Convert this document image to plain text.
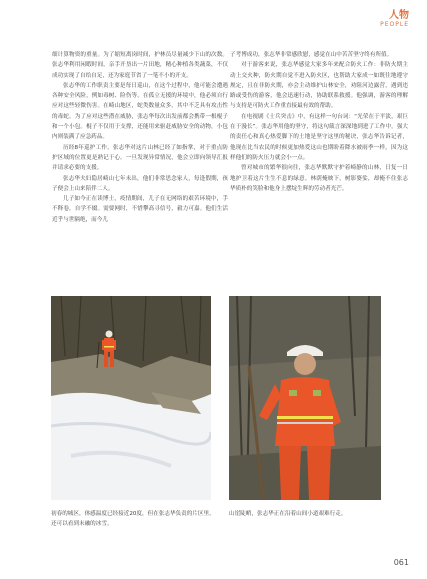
人物
PEOPLE

细计算物资的重量。为了缩短离岗时间，护林员尽量减少下山的次数。张志华利用闲暇时间，亲手开垦出一片田地，精心种植各类蔬菜，不仅成功实现了自给自足，还为家庭节省了一笔不小的开支。

张志华的工作职责主要是每日巡山，在这个过程中，他可能会遭遇各种安全风险，例如毒树、险伤等。在孤立无援的环境中，他必须自行应对这些轻微伤害。在崎山地区，蛇类数量众多，其中不乏具有攻击性的毒蛇。为了应对这些潜在威胁，张志华每次出发前都会携带一根棍子和一个小包。棍子不仅用于支撑，还能用来驱赶威胁安全的动物，小包内则装满了应急药品。

历经8年巡护工作，张志华对这片山林已经了如指掌，对于重点防护区域的位置更是熟记于心。一旦发现异常情况，他会立即向领导汇报并请求必要的支援。

张志华夫妇隐居崎山七年未出，他们非常思念家人，每逢假期，孩子便会上山来陪伴二人。

儿子如今正在读博士，疫情期间，儿子在无网络的艰苦环境中，手不释卷，自学不辍。需要网时，不惜攀高寻信号，毅力可嘉。他们生活近乎与世隔绝，而今儿

子考博成功，张志华非常感欣慰，感觉在山中苦苦坚守终有所值。

对于游客来说，张志华感觉大家多年来配合防火工作：非防火期主动上交火种，防火期自觉不进入防火区，也帮助大家成一如既往地遵守规定，且在非防火期，亦会主动维护山林安全，劝阻河边露营，遇到违路或受伤的游客，他会迅速行动，协助联系救援。他强调，游客的理解与支持是可防火工作重直接最有效的帮助。

在电视剧《士兵突击》中，有这样一句台词：“光荣在于平淡，艰巨在于漫长”。张志华用他的坚守，将这句箴言深深地到进了工作中。强大的责任心和真心热爱脚下的土地是坚守这里的秘诀，张志华告诉记者，他现在比当农民的时候更加热爱这山也期盼着降水被雨季一样，因为这样他们的防火压力就会小一点。

曾对城市的繁华很向往，张志华默默守护着崎静的山林，日复一日地护卫着这片生生不息的绿意。林荫掩映下，树影婆娑，却掩不住张志华质朴的笑脸和他身上摆绽生辉的劳动者光芒。

初春的城区，体感温度已经接近20度，但在张志华负责的片区里，还可以看到未融的冰雪。
山崖陡峭，张志华正在沿着山间小道艰难行走。
061
